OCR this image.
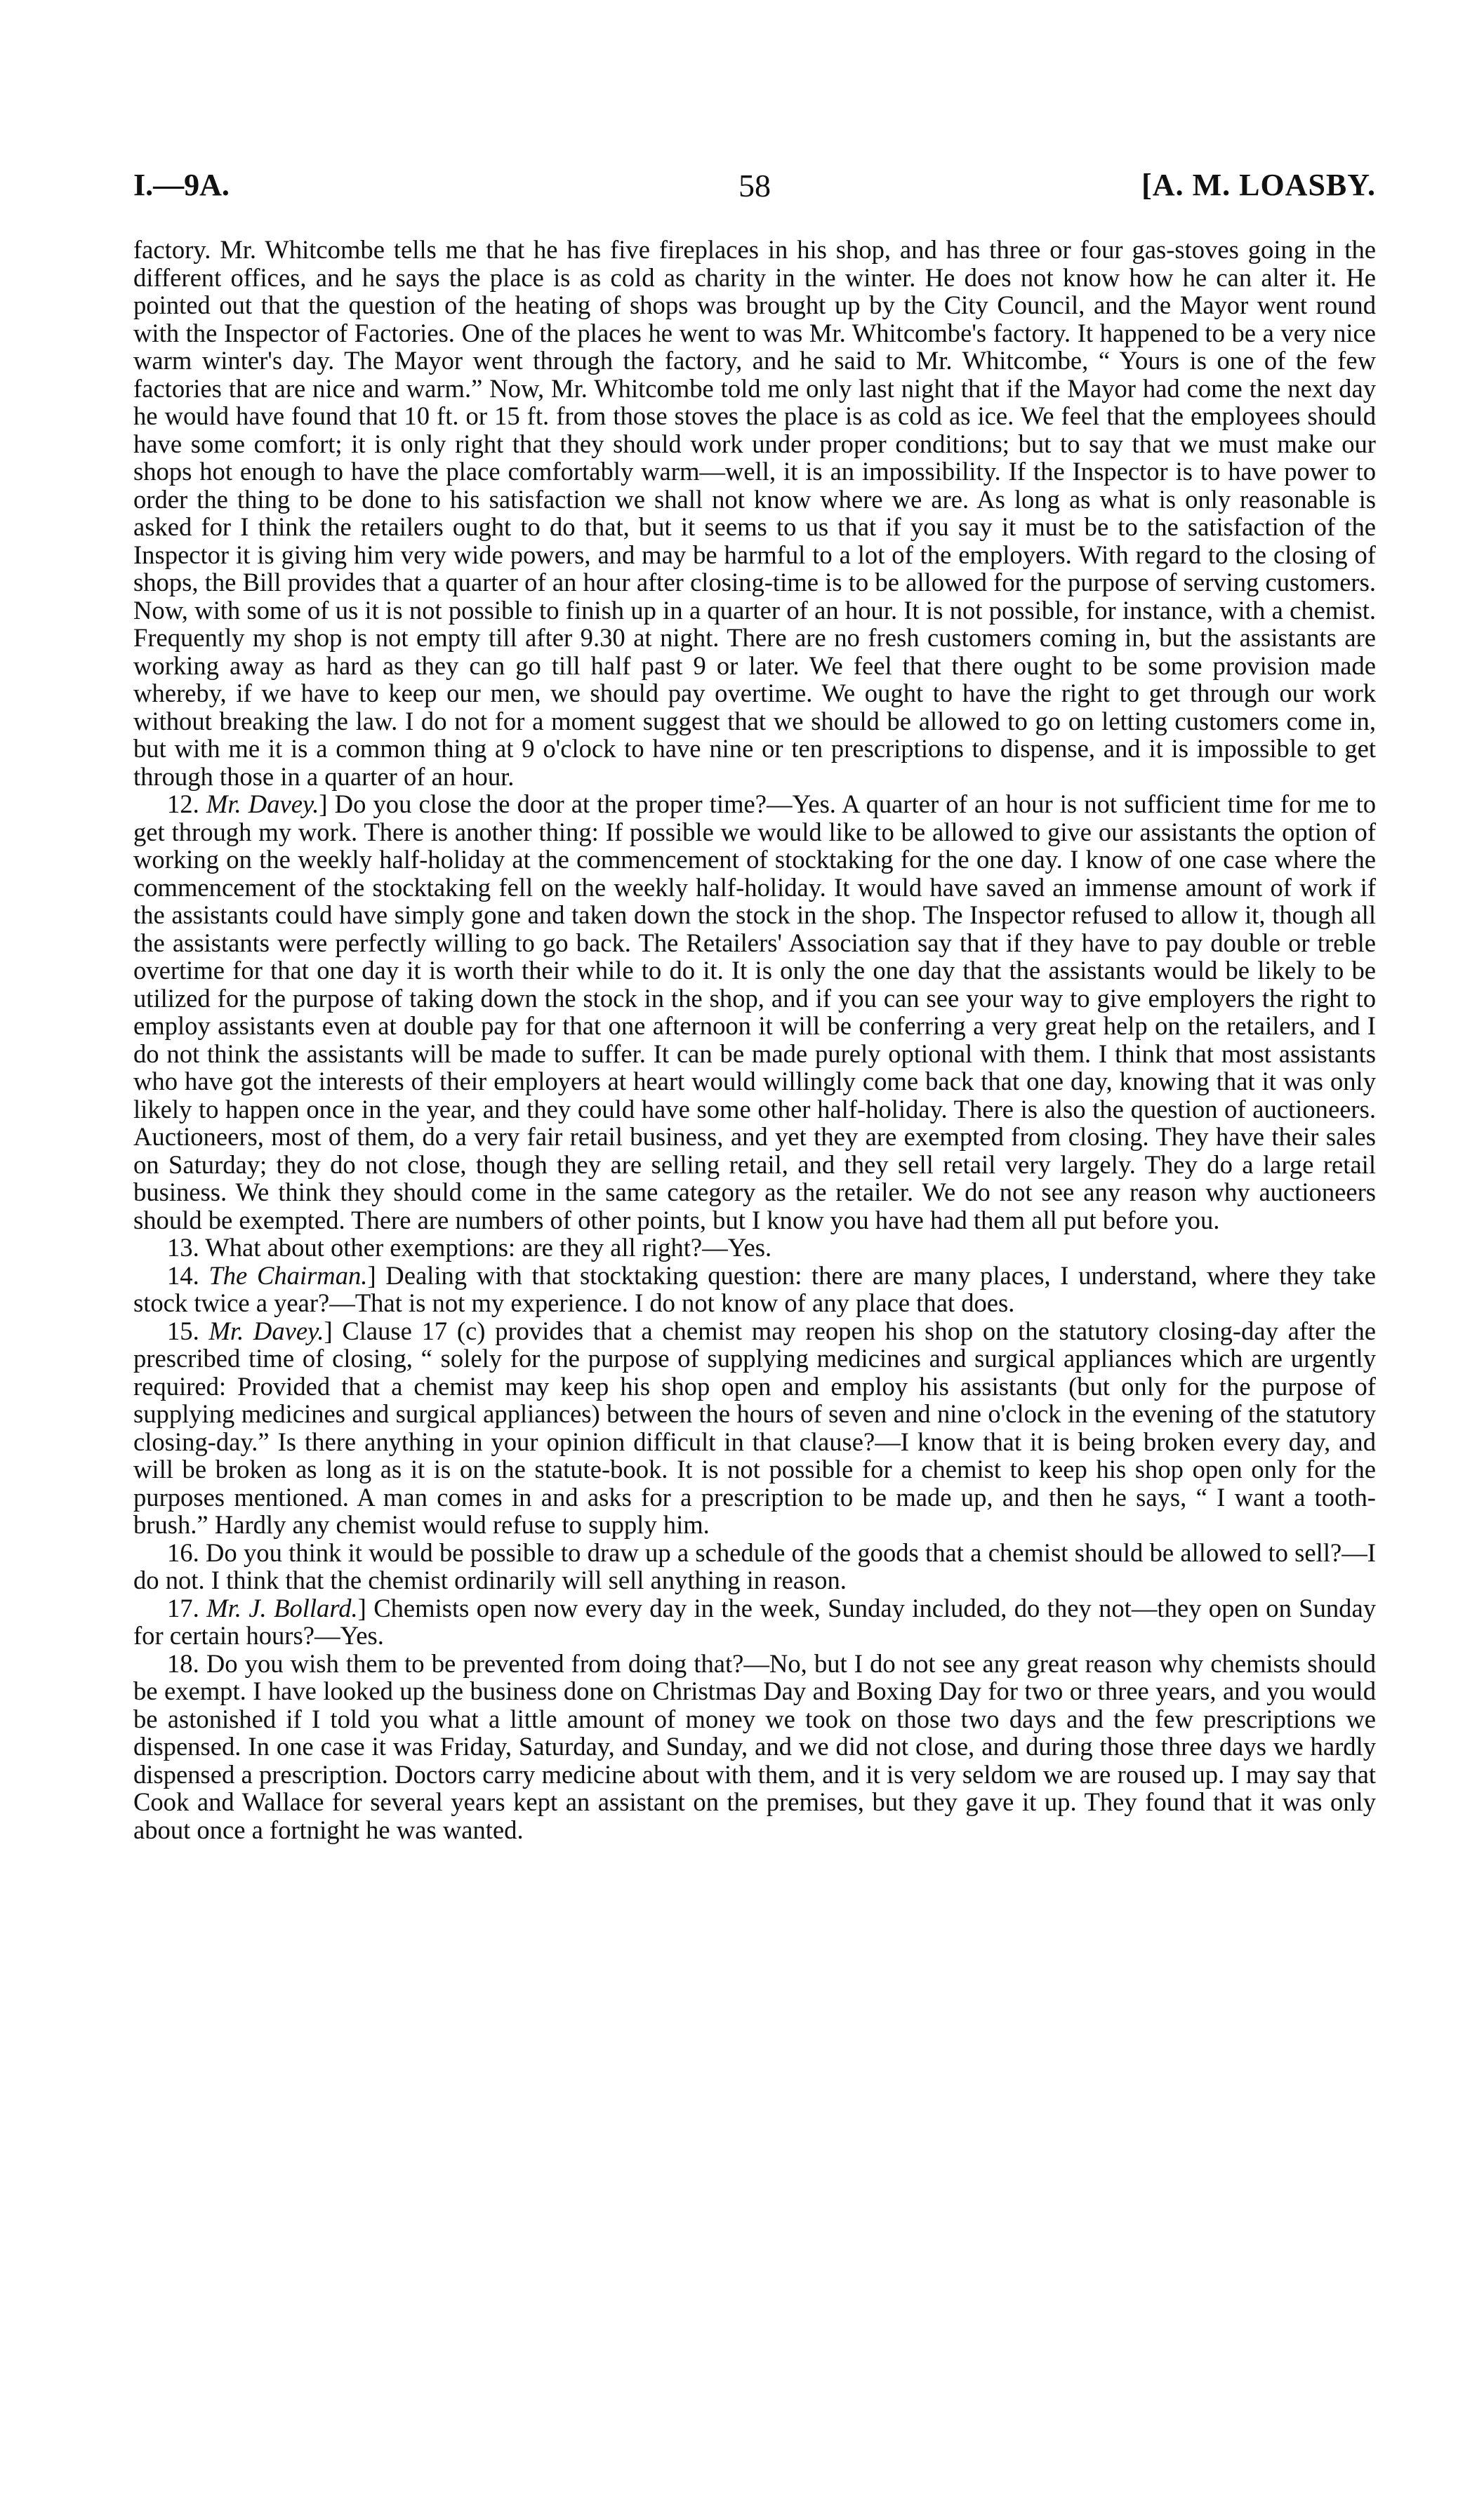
I.—9A.	58	[A. M. LOASBY.

factory. Mr. Whitcombe tells me that he has five fireplaces in his shop, and has three or four gas-stoves going in the different offices, and he says the place is as cold as charity in the winter. He does not know how he can alter it. He pointed out that the question of the heating of shops was brought up by the City Council, and the Mayor went round with the Inspector of Factories. One of the places he went to was Mr. Whitcombe's factory. It happened to be a very nice warm winter's day. The Mayor went through the factory, and he said to Mr. Whitcombe, “ Yours is one of the few factories that are nice and warm.” Now, Mr. Whitcombe told me only last night that if the Mayor had come the next day he would have found that 10 ft. or 15 ft. from those stoves the place is as cold as ice. We feel that the employees should have some comfort; it is only right that they should work under proper conditions; but to say that we must make our shops hot enough to have the place comfortably warm—well, it is an impossibility. If the Inspector is to have power to order the thing to be done to his satisfaction we shall not know where we are. As long as what is only reasonable is asked for I think the retailers ought to do that, but it seems to us that if you say it must be to the satisfaction of the Inspector it is giving him very wide powers, and may be harmful to a lot of the employers. With regard to the closing of shops, the Bill provides that a quarter of an hour after closing-time is to be allowed for the purpose of serving customers. Now, with some of us it is not possible to finish up in a quarter of an hour. It is not possible, for instance, with a chemist. Frequently my shop is not empty till after 9.30 at night. There are no fresh customers coming in, but the assistants are working away as hard as they can go till half past 9 or later. We feel that there ought to be some provision made whereby, if we have to keep our men, we should pay overtime. We ought to have the right to get through our work without breaking the law. I do not for a moment suggest that we should be allowed to go on letting customers come in, but with me it is a common thing at 9 o'clock to have nine or ten prescriptions to dispense, and it is impossible to get through those in a quarter of an hour.

12. Mr. Davey.] Do you close the door at the proper time?—Yes. A quarter of an hour is not sufficient time for me to get through my work. There is another thing: If possible we would like to be allowed to give our assistants the option of working on the weekly half-holiday at the commencement of stocktaking for the one day. I know of one case where the commencement of the stocktaking fell on the weekly half-holiday. It would have saved an immense amount of work if the assistants could have simply gone and taken down the stock in the shop. The Inspector refused to allow it, though all the assistants were perfectly willing to go back. The Retailers' Association say that if they have to pay double or treble overtime for that one day it is worth their while to do it. It is only the one day that the assistants would be likely to be utilized for the purpose of taking down the stock in the shop, and if you can see your way to give employers the right to employ assistants even at double pay for that one afternoon it will be conferring a very great help on the retailers, and I do not think the assistants will be made to suffer. It can be made purely optional with them. I think that most assistants who have got the interests of their employers at heart would willingly come back that one day, knowing that it was only likely to happen once in the year, and they could have some other half-holiday. There is also the question of auctioneers. Auctioneers, most of them, do a very fair retail business, and yet they are exempted from closing. They have their sales on Saturday; they do not close, though they are selling retail, and they sell retail very largely. They do a large retail business. We think they should come in the same category as the retailer. We do not see any reason why auctioneers should be exempted. There are numbers of other points, but I know you have had them all put before you.

13. What about other exemptions: are they all right?—Yes.

14. The Chairman.] Dealing with that stocktaking question: there are many places, I understand, where they take stock twice a year?—That is not my experience. I do not know of any place that does.

15. Mr. Davey.] Clause 17 (c) provides that a chemist may reopen his shop on the statutory closing-day after the prescribed time of closing, “ solely for the purpose of supplying medicines and surgical appliances which are urgently required: Provided that a chemist may keep his shop open and employ his assistants (but only for the purpose of supplying medicines and surgical appliances) between the hours of seven and nine o'clock in the evening of the statutory closing-day.” Is there anything in your opinion difficult in that clause?—I know that it is being broken every day, and will be broken as long as it is on the statute-book. It is not possible for a chemist to keep his shop open only for the purposes mentioned. A man comes in and asks for a prescription to be made up, and then he says, “ I want a tooth-brush.” Hardly any chemist would refuse to supply him.

16. Do you think it would be possible to draw up a schedule of the goods that a chemist should be allowed to sell?—I do not. I think that the chemist ordinarily will sell anything in reason.

17. Mr. J. Bollard.] Chemists open now every day in the week, Sunday included, do they not—they open on Sunday for certain hours?—Yes.

18. Do you wish them to be prevented from doing that?—No, but I do not see any great reason why chemists should be exempt. I have looked up the business done on Christmas Day and Boxing Day for two or three years, and you would be astonished if I told you what a little amount of money we took on those two days and the few prescriptions we dispensed. In one case it was Friday, Saturday, and Sunday, and we did not close, and during those three days we hardly dispensed a prescription. Doctors carry medicine about with them, and it is very seldom we are roused up. I may say that Cook and Wallace for several years kept an assistant on the premises, but they gave it up. They found that it was only about once a fortnight he was wanted.
